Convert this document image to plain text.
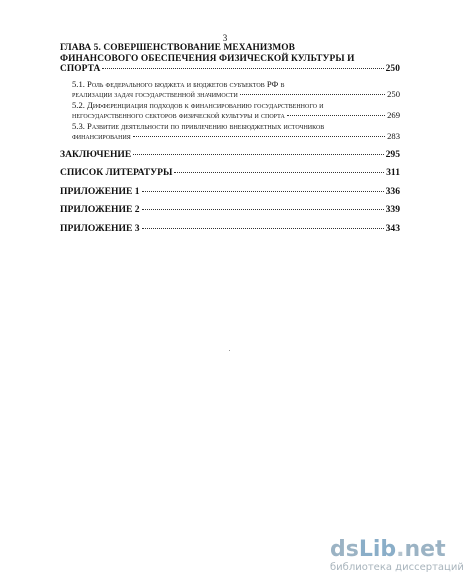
3
ГЛАВА 5. СОВЕРШЕНСТВОВАНИЕ МЕХАНИЗМОВ
ФИНАНСОВОГО ОБЕСПЕЧЕНИЯ ФИЗИЧЕСКОЙ КУЛЬТУРЫ И
СПОРТА	250
5.1. Роль федерального бюджета и бюджетов субъектов РФ в
реализации задач государственной значимости	250
5.2. Дифференциация подходов к финансированию государственного и
негосударственного секторов физической культуры и спорта	269
5.3. Развитие деятельности по привлечению внебюджетных источников
финансирования	283
ЗАКЛЮЧЕНИЕ	295
СПИСОК ЛИТЕРАТУРЫ	311
ПРИЛОЖЕНИЕ 1	336
ПРИЛОЖЕНИЕ 2	339
ПРИЛОЖЕНИЕ 3	343
dsLib.net
библиотека диссертаций
